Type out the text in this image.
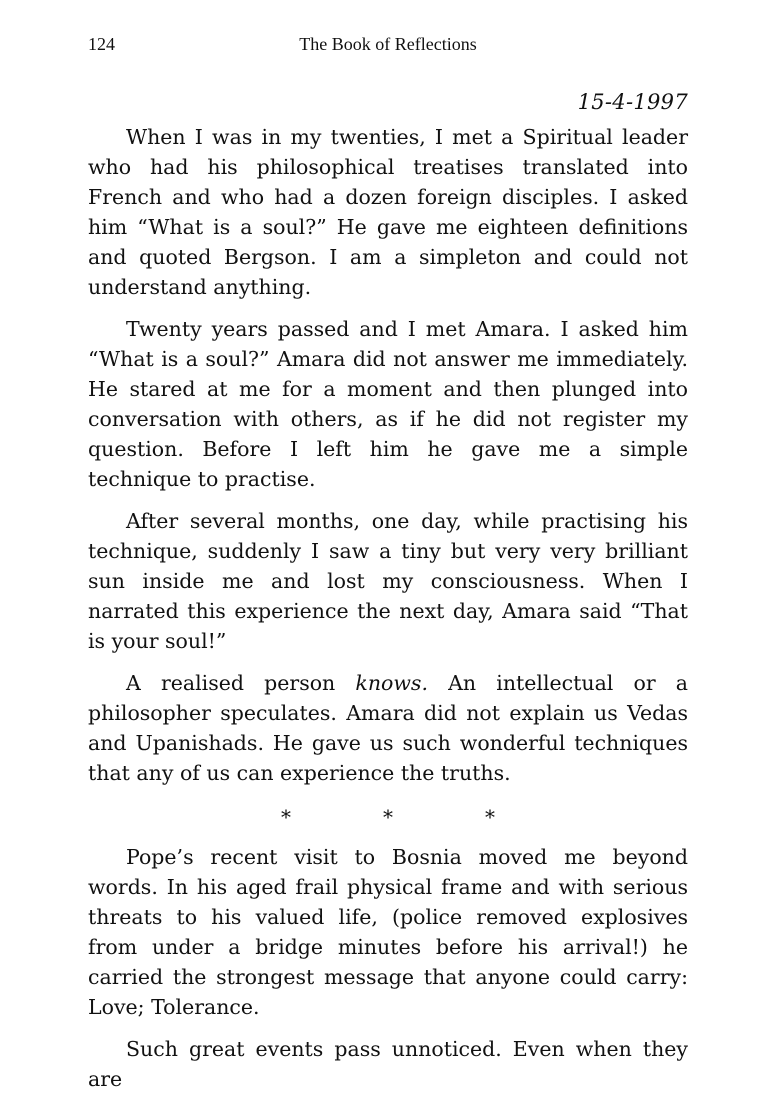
124	The Book of Reflections
15-4-1997

When I was in my twenties, I met a Spiritual leader who had his philosophical treatises translated into French and who had a dozen foreign disciples. I asked him “What is a soul?” He gave me eighteen definitions and quoted Bergson. I am a simpleton and could not understand anything.

Twenty years passed and I met Amara. I asked him “What is a soul?” Amara did not answer me immediately. He stared at me for a moment and then plunged into conversation with others, as if he did not register my question. Before I left him he gave me a simple technique to practise.

After several months, one day, while practising his technique, suddenly I saw a tiny but very very brilliant sun inside me and lost my consciousness. When I narrated this experience the next day, Amara said “That is your soul!”

A realised person knows. An intellectual or a philosopher speculates. Amara did not explain us Vedas and Upanishads. He gave us such wonderful techniques that any of us can experience the truths.

*	*	*

Pope’s recent visit to Bosnia moved me beyond words. In his aged frail physical frame and with serious threats to his valued life, (police removed explosives from under a bridge minutes before his arrival!) he carried the strongest message that anyone could carry: Love; Tolerance.

Such great events pass unnoticed. Even when they are
